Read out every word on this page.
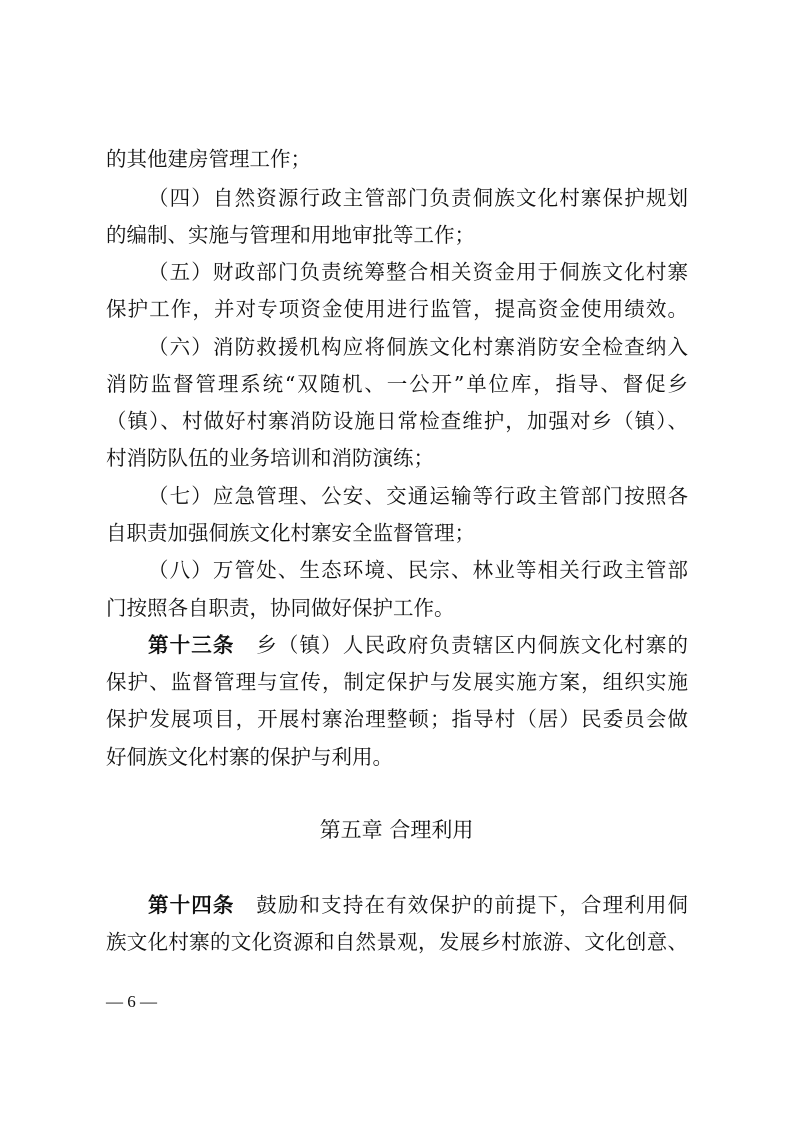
的其他建房管理工作；
（四）自然资源行政主管部门负责侗族文化村寨保护规划
的编制、实施与管理和用地审批等工作；
（五）财政部门负责统筹整合相关资金用于侗族文化村寨
保护工作，并对专项资金使用进行监管，提高资金使用绩效。
（六）消防救援机构应将侗族文化村寨消防安全检查纳入
消防监督管理系统“双随机、一公开”单位库，指导、督促乡
（镇）、村做好村寨消防设施日常检查维护，加强对乡（镇）、
村消防队伍的业务培训和消防演练；
（七）应急管理、公安、交通运输等行政主管部门按照各
自职责加强侗族文化村寨安全监督管理；
（八）万管处、生态环境、民宗、林业等相关行政主管部
门按照各自职责，协同做好保护工作。
第十三条　 乡（镇）人民政府负责辖区内侗族文化村寨的
保护、监督管理与宣传，制定保护与发展实施方案，组织实施
保护发展项目，开展村寨治理整顿；指导村（居）民委员会做
好侗族文化村寨的保护与利用。
第五章 合理利用
第十四条　 鼓励和支持在有效保护的前提下，合理利用侗
族文化村寨的文化资源和自然景观，发展乡村旅游、文化创意、
— 6 —
